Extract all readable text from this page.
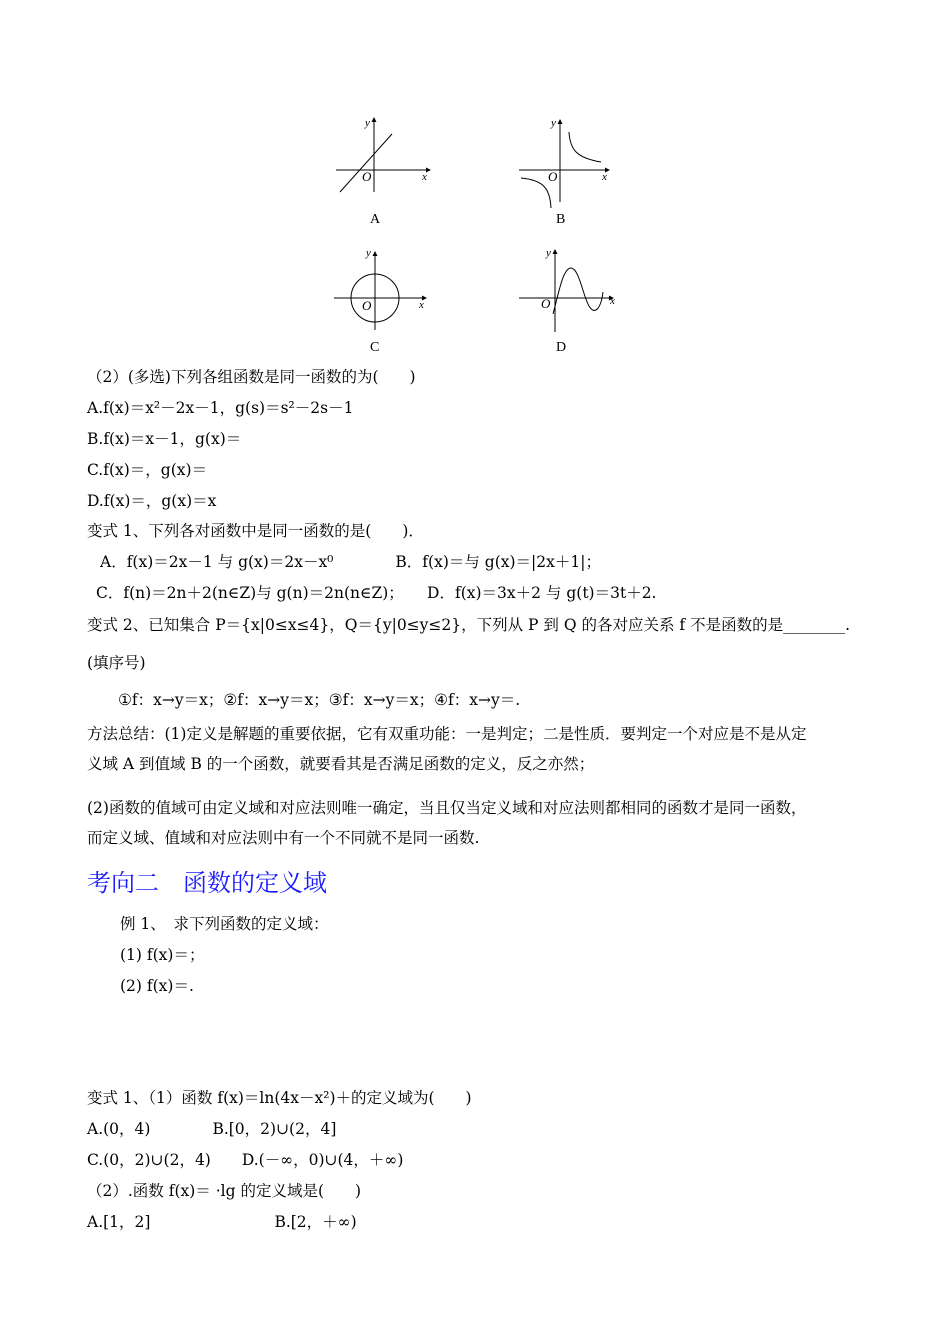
x
y
O
A
x
y
O
B
x
y
O
C
x
y
O
D
（2）(多选)下列各组函数是同一函数的为(　　)
A.f(x)＝x²－2x－1，g(s)＝s²－2s－1
B.f(x)＝x－1，g(x)＝
C.f(x)＝，g(x)＝
D.f(x)＝，g(x)＝x
变式 1、下列各对函数中是同一函数的是(　　)．
A．f(x)＝2x－1 与 g(x)＝2x－x⁰　　　　B．f(x)＝与 g(x)＝|2x＋1|；
C．f(n)＝2n＋2(n∈Z)与 g(n)＝2n(n∈Z)；　　D．f(x)＝3x＋2 与 g(t)＝3t＋2.
变式 2、已知集合 P＝{x|0≤x≤4}，Q＝{y|0≤y≤2}，下列从 P 到 Q 的各对应关系 f 不是函数的是________.
(填序号)
①f：x→y＝x；②f：x→y＝x；③f：x→y＝x；④f：x→y＝.
方法总结：(1)定义是解题的重要依据，它有双重功能：一是判定；二是性质．要判定一个对应是不是从定
义域 A 到值域 B 的一个函数，就要看其是否满足函数的定义，反之亦然；
(2)函数的值域可由定义域和对应法则唯一确定，当且仅当定义域和对应法则都相同的函数才是同一函数，
而定义域、值域和对应法则中有一个不同就不是同一函数.
考向二　函数的定义域
例 1、　求下列函数的定义域：
(1) f(x)＝；
(2) f(x)＝.
变式 1、（1）函数 f(x)＝ln(4x－x²)＋的定义域为(　　)
A.(0，4)　　　　B.[0，2)∪(2，4]
C.(0，2)∪(2，4)　　D.(－∞，0)∪(4，＋∞)
（2）.函数 f(x)＝ ·lg 的定义域是(　　)
A.[1，2]　　　　　　　　B.[2，＋∞)
